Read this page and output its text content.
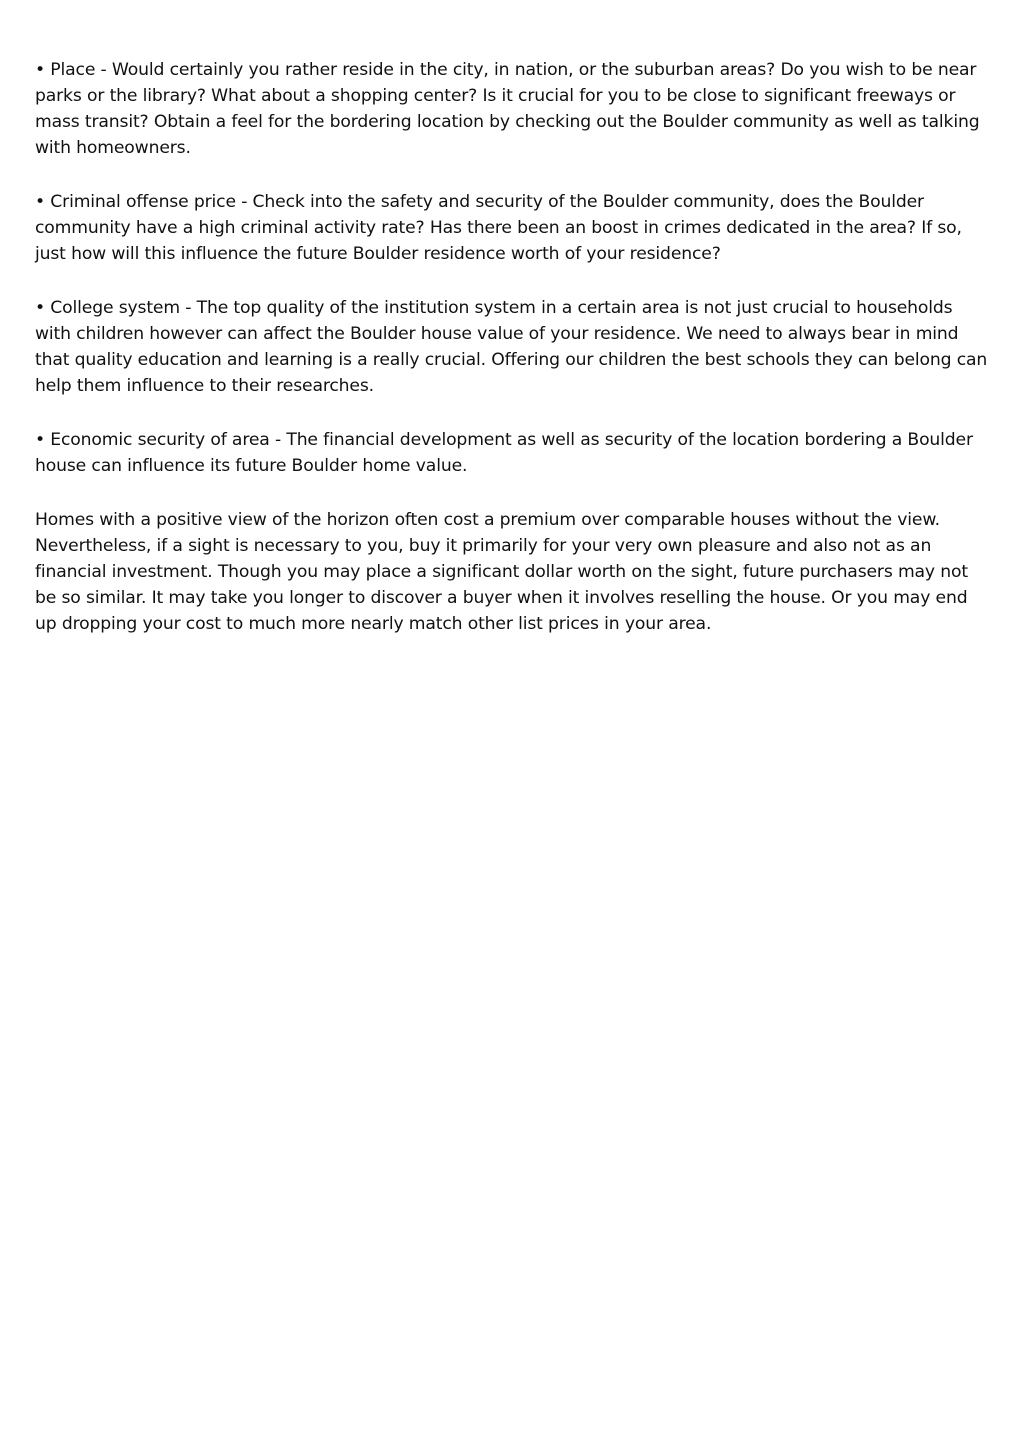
• Place - Would certainly you rather reside in the city, in nation, or the suburban areas? Do you wish to be near parks or the library? What about a shopping center? Is it crucial for you to be close to significant freeways or mass transit? Obtain a feel for the bordering location by checking out the Boulder community as well as talking with homeowners.

• Criminal offense price - Check into the safety and security of the Boulder community, does the Boulder community have a high criminal activity rate? Has there been an boost in crimes dedicated in the area? If so, just how will this influence the future Boulder residence worth of your residence?

• College system - The top quality of the institution system in a certain area is not just crucial to households with children however can affect the Boulder house value of your residence. We need to always bear in mind that quality education and learning is a really crucial. Offering our children the best schools they can belong can help them influence to their researches.

• Economic security of area - The financial development as well as security of the location bordering a Boulder house can influence its future Boulder home value.

Homes with a positive view of the horizon often cost a premium over comparable houses without the view. Nevertheless, if a sight is necessary to you, buy it primarily for your very own pleasure and also not as an financial investment. Though you may place a significant dollar worth on the sight, future purchasers may not be so similar. It may take you longer to discover a buyer when it involves reselling the house. Or you may end up dropping your cost to much more nearly match other list prices in your area.
